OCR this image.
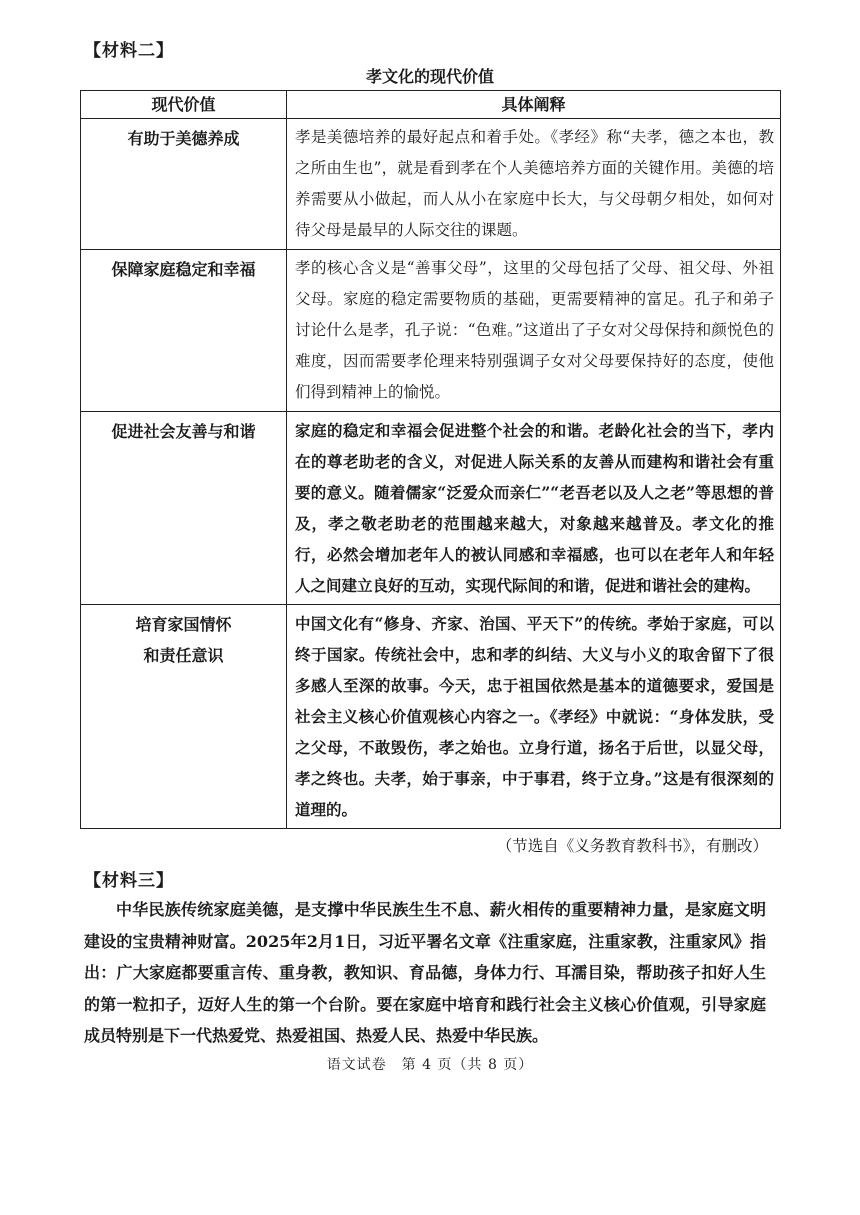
【材料二】
孝文化的现代价值
现代价值	具体阐释
有助于美德养成	孝是美德培养的最好起点和着手处。《孝经》称“夫孝，德之本也，教之所由生也”，就是看到孝在个人美德培养方面的关键作用。美德的培养需要从小做起，而人从小在家庭中长大，与父母朝夕相处，如何对待父母是最早的人际交往的课题。
保障家庭稳定和幸福	孝的核心含义是“善事父母”，这里的父母包括了父母、祖父母、外祖父母。家庭的稳定需要物质的基础，更需要精神的富足。孔子和弟子讨论什么是孝，孔子说：“色难。”这道出了子女对父母保持和颜悦色的难度，因而需要孝伦理来特别强调子女对父母要保持好的态度，使他们得到精神上的愉悦。
促进社会友善与和谐	家庭的稳定和幸福会促进整个社会的和谐。老龄化社会的当下，孝内在的尊老助老的含义，对促进人际关系的友善从而建构和谐社会有重要的意义。随着儒家“泛爱众而亲仁”“老吾老以及人之老”等思想的普及，孝之敬老助老的范围越来越大，对象越来越普及。孝文化的推行，必然会增加老年人的被认同感和幸福感，也可以在老年人和年轻人之间建立良好的互动，实现代际间的和谐，促进和谐社会的建构。

培育家国情怀
和责任意识	中国文化有“修身、齐家、治国、平天下”的传统。孝始于家庭，可以终于国家。传统社会中，忠和孝的纠结、大义与小义的取舍留下了很多感人至深的故事。今天，忠于祖国依然是基本的道德要求，爱国是社会主义核心价值观核心内容之一。《孝经》中就说：“身体发肤，受之父母，不敢毁伤，孝之始也。立身行道，扬名于后世，以显父母，孝之终也。夫孝，始于事亲，中于事君，终于立身。”这是有很深刻的道理的。
（节选自《义务教育教科书》，有删改）
【材料三】
中华民族传统家庭美德，是支撑中华民族生生不息、薪火相传的重要精神力量，是家庭文明建设的宝贵精神财富。2025年2月1日，习近平署名文章《注重家庭，注重家教，注重家风》指出：广大家庭都要重言传、重身教，教知识、育品德，身体力行、耳濡目染，帮助孩子扣好人生的第一粒扣子，迈好人生的第一个台阶。要在家庭中培育和践行社会主义核心价值观，引导家庭成员特别是下一代热爱党、热爱祖国、热爱人民、热爱中华民族。
语文试卷　第 4 页（共 8 页）
